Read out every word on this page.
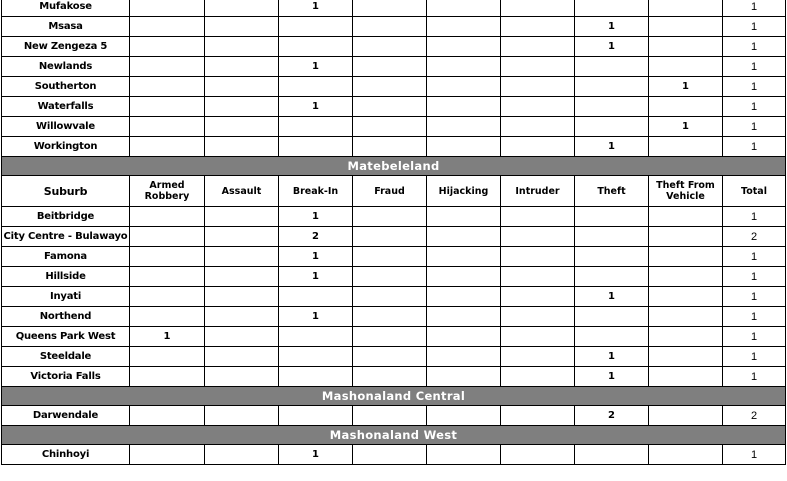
Mufakose			1						1
Msasa							1		1
New Zengeza 5							1		1
Newlands			1						1
Southerton								1	1
Waterfalls			1						1
Willowvale								1	1
Workington							1		1
Matebeleland									
Suburb	Armed Robbery	Assault	Break-In	Fraud	Hijacking	Intruder	Theft	Theft From Vehicle	Total
Beitbridge			1						1
City Centre - Bulawayo			2						2
Famona			1						1
Hillside			1						1
Inyati							1		1
Northend			1						1
Queens Park West	1								1
Steeldale							1		1
Victoria Falls							1		1
Mashonaland Central									
Darwendale							2		2
Mashonaland West									
Chinhoyi			1						1
